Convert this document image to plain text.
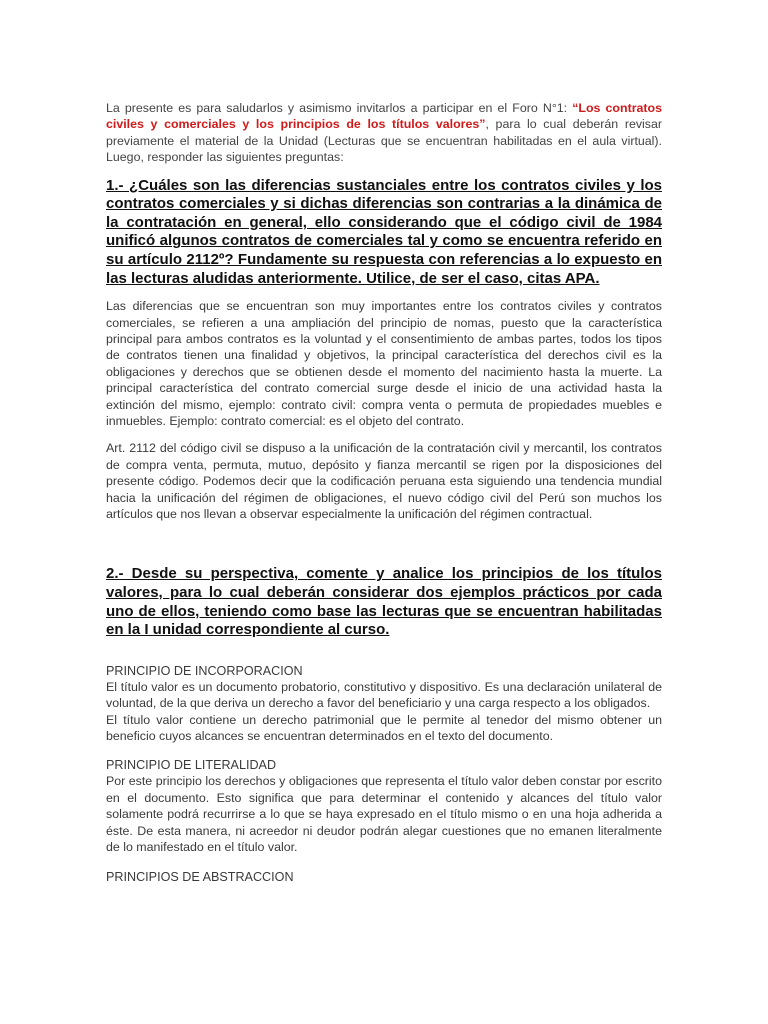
La presente es para saludarlos y asimismo invitarlos a participar en el Foro N°1: “Los contratos civiles y comerciales y los principios de los títulos valores”, para lo cual deberán revisar previamente el material de la Unidad (Lecturas que se encuentran habilitadas en el aula virtual). Luego, responder las siguientes preguntas:

1.- ¿Cuáles son las diferencias sustanciales entre los contratos civiles y los contratos comerciales y si dichas diferencias son contrarias a la dinámica de la contratación en general, ello considerando que el código civil de 1984 unificó algunos contratos de comerciales tal y como se encuentra referido en su artículo 2112º? Fundamente su respuesta con referencias a lo expuesto en las lecturas aludidas anteriormente. Utilice, de ser el caso, citas APA.

Las diferencias que se encuentran son muy importantes entre los contratos civiles y contratos comerciales, se refieren a una ampliación del principio de nomas, puesto que la característica principal para ambos contratos es la voluntad y el consentimiento de ambas partes, todos los tipos de contratos tienen una finalidad y objetivos, la principal característica del derechos civil es la obligaciones y derechos que se obtienen desde el momento del nacimiento hasta la muerte. La principal característica del contrato comercial surge desde el inicio de una actividad hasta la extinción del mismo, ejemplo: contrato civil: compra venta o permuta de propiedades muebles e inmuebles. Ejemplo: contrato comercial: es el objeto del contrato.

Art. 2112 del código civil se dispuso a la unificación de la contratación civil y mercantil, los contratos de compra venta, permuta, mutuo, depósito y fianza mercantil se rigen por la disposiciones del presente código. Podemos decir que la codificación peruana esta siguiendo una tendencia mundial hacia la unificación del régimen de obligaciones, el nuevo código civil del Perú son muchos los artículos que nos llevan a observar especialmente la unificación del régimen contractual.

2.- Desde su perspectiva, comente y analice los principios de los títulos valores, para lo cual deberán considerar dos ejemplos prácticos por cada uno de ellos, teniendo como base las lecturas que se encuentran habilitadas en la I unidad correspondiente al curso.

PRINCIPIO DE INCORPORACION

El título valor es un documento probatorio, constitutivo y dispositivo. Es una declaración unilateral de voluntad, de la que deriva un derecho a favor del beneficiario y una carga respecto a los obligados.

El título valor contiene un derecho patrimonial que le permite al tenedor del mismo obtener un beneficio cuyos alcances se encuentran determinados en el texto del documento.

PRINCIPIO DE LITERALIDAD

Por este principio los derechos y obligaciones que representa el título valor deben constar por escrito en el documento. Esto significa que para determinar el contenido y alcances del título valor solamente podrá recurrirse a lo que se haya expresado en el título mismo o en una hoja adherida a éste. De esta manera, ni acreedor ni deudor podrán alegar cuestiones que no emanen literalmente de lo manifestado en el título valor.

PRINCIPIOS DE ABSTRACCION
